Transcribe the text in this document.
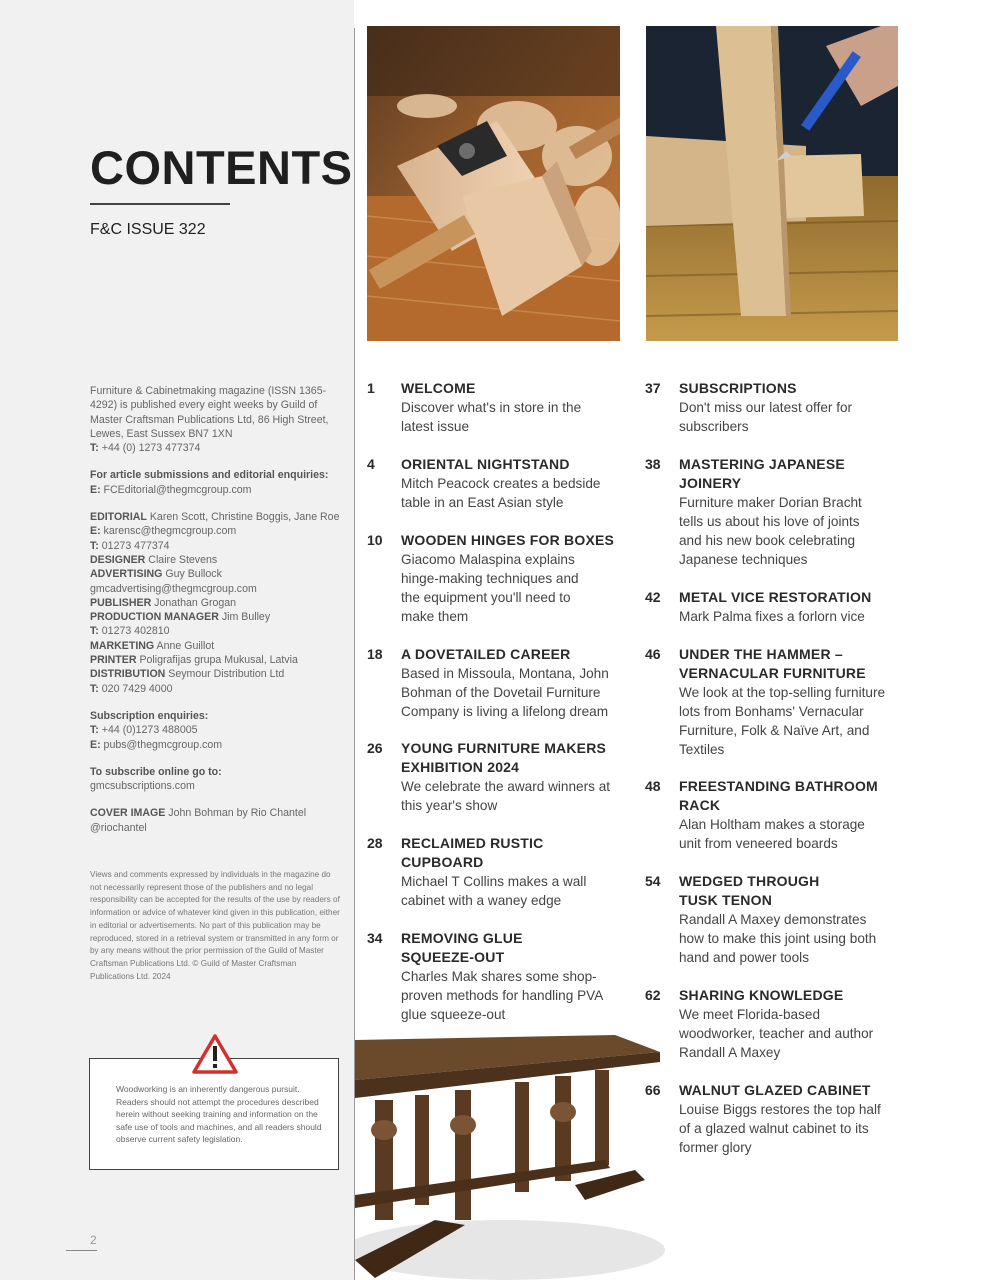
CONTENTS
F&C ISSUE 322

Furniture & Cabinetmaking magazine (ISSN 1365-4292) is published every eight weeks by Guild of Master Craftsman Publications Ltd, 86 High Street, Lewes, East Sussex BN7 1XN
T: +44 (0) 1273 477374

For article submissions and editorial enquiries:
E: FCEditorial@thegmcgroup.com

EDITORIAL Karen Scott, Christine Boggis, Jane Roe
E: karensc@thegmcgroup.com
T: 01273 477374
DESIGNER Claire Stevens
ADVERTISING Guy Bullock
gmcadvertising@thegmcgroup.com
PUBLISHER Jonathan Grogan
PRODUCTION MANAGER Jim Bulley
T: 01273 402810
MARKETING Anne Guillot
PRINTER Poligrafijas grupa Mukusal, Latvia
DISTRIBUTION Seymour Distribution Ltd
T: 020 7429 4000

Subscription enquiries:
T: +44 (0)1273 488005
E: pubs@thegmcgroup.com

To subscribe online go to:
gmcsubscriptions.com

COVER IMAGE John Bohman by Rio Chantel @riochantel

Views and comments expressed by individuals in the magazine do not necessarily represent those of the publishers and no legal responsibility can be accepted for the results of the use by readers of information or advice of whatever kind given in this publication, either in editorial or advertisements. No part of this publication may be reproduced, stored in a retrieval system or transmitted in any form or by any means without the prior permission of the Guild of Master Craftsman Publications Ltd. © Guild of Master Craftsman Publications Ltd. 2024
Woodworking is an inherently dangerous pursuit. Readers should not attempt the procedures described herein without seeking training and information on the safe use of tools and machines, and all readers should observe current safety legislation.
2
1 WELCOME
Discover what's in store in the latest issue
4 ORIENTAL NIGHTSTAND
Mitch Peacock creates a bedside table in an East Asian style
10 WOODEN HINGES FOR BOXES
Giacomo Malaspina explains hinge-making techniques and the equipment you'll need to make them
18 A DOVETAILED CAREER
Based in Missoula, Montana, John Bohman of the Dovetail Furniture Company is living a lifelong dream
26 YOUNG FURNITURE MAKERS EXHIBITION 2024
We celebrate the award winners at this year's show
28 RECLAIMED RUSTIC CUPBOARD
Michael T Collins makes a wall cabinet with a waney edge
34 REMOVING GLUE SQUEEZE-OUT
Charles Mak shares some shop-proven methods for handling PVA glue squeeze-out
37 SUBSCRIPTIONS
Don't miss our latest offer for subscribers
38 MASTERING JAPANESE JOINERY
Furniture maker Dorian Bracht tells us about his love of joints and his new book celebrating Japanese techniques
42 METAL VICE RESTORATION
Mark Palma fixes a forlorn vice
46 UNDER THE HAMMER – VERNACULAR FURNITURE
We look at the top-selling furniture lots from Bonhams' Vernacular Furniture, Folk & Naïve Art, and Textiles
48 FREESTANDING BATHROOM RACK
Alan Holtham makes a storage unit from veneered boards
54 WEDGED THROUGH TUSK TENON
Randall A Maxey demonstrates how to make this joint using both hand and power tools
62 SHARING KNOWLEDGE
We meet Florida-based woodworker, teacher and author Randall A Maxey
66 WALNUT GLAZED CABINET
Louise Biggs restores the top half of a glazed walnut cabinet to its former glory
